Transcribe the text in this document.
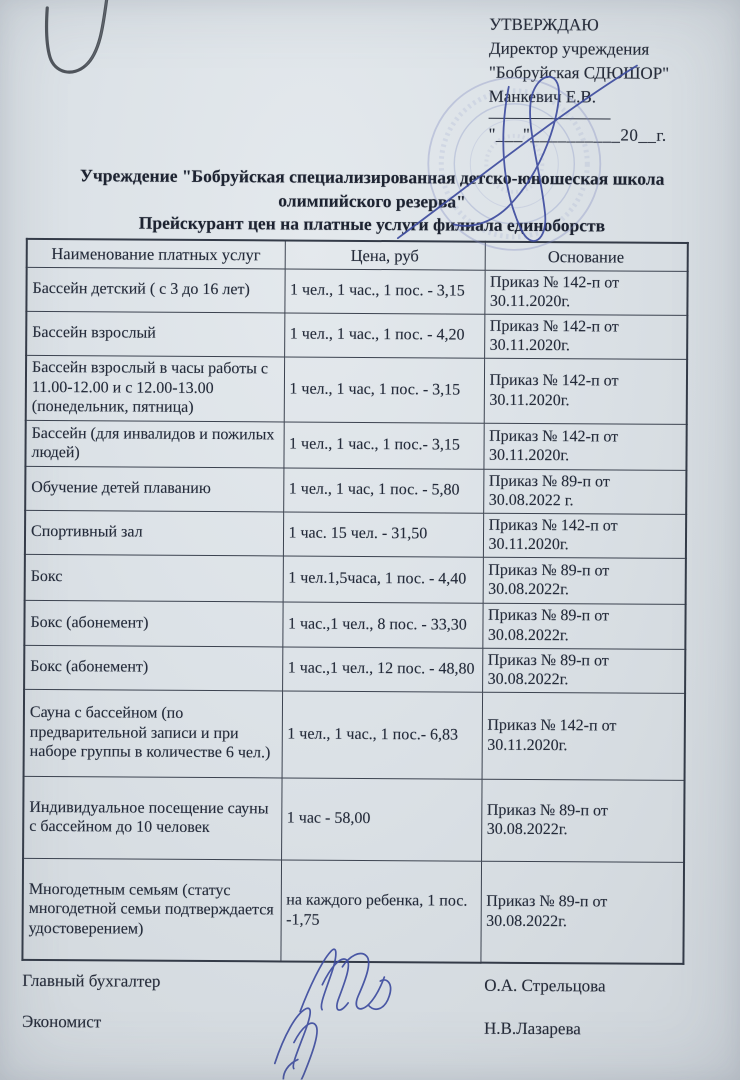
УТВЕРЖДАЮ
Директор учреждения
"Бобруйская СДЮШОР"
Манкевич Е.В.
"___"__________20__г.
Учреждение "Бобруйская специализированная детско-юношеская школа
олимпийского резерва"
Прейскурант цен на платные услуги филиала единоборств
Наименование платных услуг	Цена, руб	Основание
Бассейн детский ( с 3 до 16 лет)	1 чел., 1 час., 1 пос. - 3,15	Приказ № 142-п от 30.11.2020г.
Бассейн взрослый	1 чел., 1 час., 1 пос. - 4,20	Приказ № 142-п от 30.11.2020г.
Бассейн взрослый в часы работы с 11.00-12.00 и с 12.00-13.00 (понедельник, пятница)	1 чел., 1 час, 1 пос. - 3,15	Приказ № 142-п от 30.11.2020г.
Бассейн (для инвалидов и пожилых людей)	1 чел., 1 час., 1 пос.- 3,15	Приказ № 142-п от 30.11.2020г.
Обучение детей плаванию	1 чел., 1 час, 1 пос. - 5,80	Приказ № 89-п от 30.08.2022 г.
Спортивный зал	1 час. 15 чел. - 31,50	Приказ № 142-п от 30.11.2020г.
Бокс	1 чел.1,5часа, 1 пос. - 4,40	Приказ № 89-п от 30.08.2022г.
Бокс (абонемент)	1 час.,1 чел., 8 пос. - 33,30	Приказ № 89-п от 30.08.2022г.
Бокс (абонемент)	1 час.,1 чел., 12 пос. - 48,80	Приказ № 89-п от 30.08.2022г.
Сауна с бассейном (по предварительной записи и при наборе группы в количестве 6 чел.)	1 чел., 1 час., 1 пос.- 6,83	Приказ № 142-п от 30.11.2020г.
Индивидуальное посещение сауны с бассейном до 10 человек	1 час - 58,00	Приказ № 89-п от 30.08.2022г.
Многодетным семьям (статус многодетной семьи подтверждается удостоверением)	на каждого ребенка, 1 пос. -1,75	Приказ № 89-п от 30.08.2022г.
Главный бухгалтер	О.А. Стрельцова
Экономист	Н.В.Лазарева
